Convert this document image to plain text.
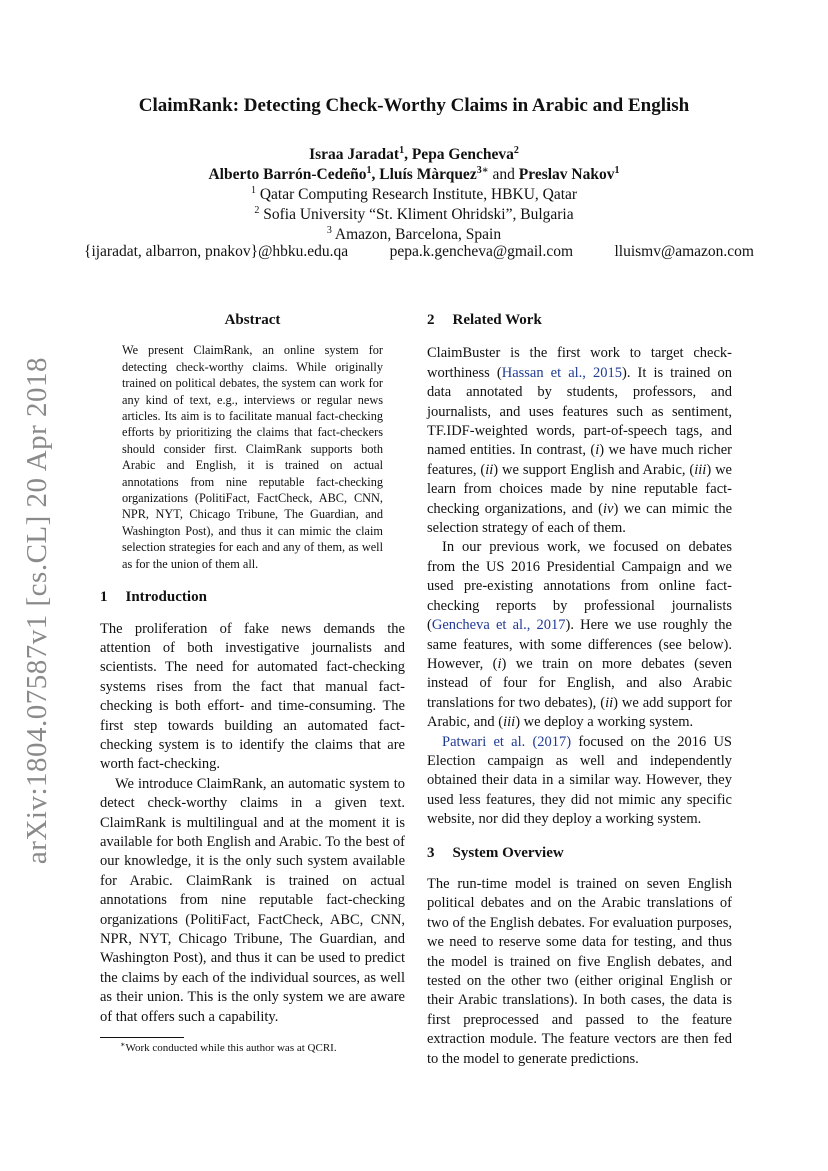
arXiv:1804.07587v1 [cs.CL] 20 Apr 2018
ClaimRank: Detecting Check-Worthy Claims in Arabic and English
Israa Jaradat$^1$, Pepa Gencheva$^2$
Alberto Barrón-Cedeño$^1$, Lluís Màrquez$^{3∗}$ and Preslav Nakov$^1$
$^1$ Qatar Computing Research Institute, HBKU, Qatar
$^2$ Sofia University “St. Kliment Ohridski”, Bulgaria
$^3$ Amazon, Barcelona, Spain
{ijaradat, albarron, pnakov}@hbku.edu.qa	pepa.k.gencheva@gmail.com	lluismv@amazon.com
Abstract

We present ClaimRank, an online system for detecting check-worthy claims. While originally trained on political debates, the system can work for any kind of text, e.g., interviews or regular news articles. Its aim is to facilitate manual fact-checking efforts by prioritizing the claims that fact-checkers should consider first. ClaimRank supports both Arabic and English, it is trained on actual annotations from nine reputable fact-checking organizations (PolitiFact, FactCheck, ABC, CNN, NPR, NYT, Chicago Tribune, The Guardian, and Washington Post), and thus it can mimic the claim selection strategies for each and any of them, as well as for the union of them all.

1 Introduction

The proliferation of fake news demands the attention of both investigative journalists and scientists. The need for automated fact-checking systems rises from the fact that manual fact-checking is both effort- and time-consuming. The first step towards building an automated fact-checking system is to identify the claims that are worth fact-checking.

We introduce ClaimRank, an automatic system to detect check-worthy claims in a given text. ClaimRank is multilingual and at the moment it is available for both English and Arabic. To the best of our knowledge, it is the only such system available for Arabic. ClaimRank is trained on actual annotations from nine reputable fact-checking organizations (PolitiFact, FactCheck, ABC, CNN, NPR, NYT, Chicago Tribune, The Guardian, and Washington Post), and thus it can be used to predict the claims by each of the individual sources, as well as their union. This is the only system we are aware of that offers such a capability.

∗Work conducted while this author was at QCRI.
2 Related Work

ClaimBuster is the first work to target check-worthiness (Hassan et al., 2015). It is trained on data annotated by students, professors, and journalists, and uses features such as sentiment, TF.IDF-weighted words, part-of-speech tags, and named entities. In contrast, (i) we have much richer features, (ii) we support English and Arabic, (iii) we learn from choices made by nine reputable fact-checking organizations, and (iv) we can mimic the selection strategy of each of them.

In our previous work, we focused on debates from the US 2016 Presidential Campaign and we used pre-existing annotations from online fact-checking reports by professional journalists (Gencheva et al., 2017). Here we use roughly the same features, with some differences (see below). However, (i) we train on more debates (seven instead of four for English, and also Arabic translations for two debates), (ii) we add support for Arabic, and (iii) we deploy a working system.

Patwari et al. (2017) focused on the 2016 US Election campaign as well and independently obtained their data in a similar way. However, they used less features, they did not mimic any specific website, nor did they deploy a working system.

3 System Overview

The run-time model is trained on seven English political debates and on the Arabic translations of two of the English debates. For evaluation purposes, we need to reserve some data for testing, and thus the model is trained on five English debates, and tested on the other two (either original English or their Arabic translations). In both cases, the data is first preprocessed and passed to the feature extraction module. The feature vectors are then fed to the model to generate predictions.
